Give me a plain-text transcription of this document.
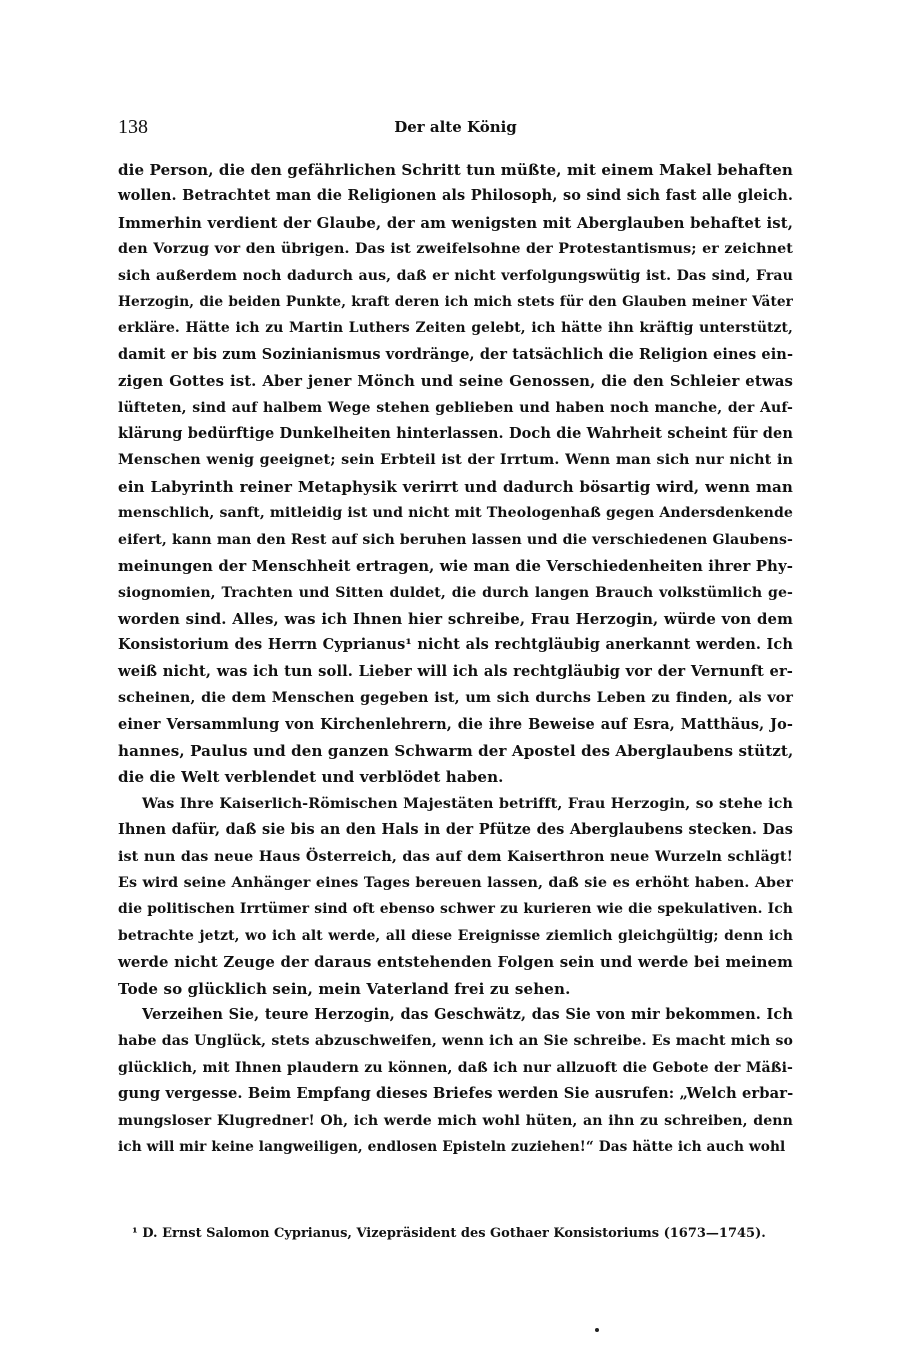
138	Der alte König

die Person, die den gefährlichen Schritt tun müßte, mit einem Makel behaften
wollen. Betrachtet man die Religionen als Philosoph, so sind sich fast alle gleich.
Immerhin verdient der Glaube, der am wenigsten mit Aberglauben behaftet ist,
den Vorzug vor den übrigen. Das ist zweifelsohne der Protestantismus; er zeichnet
sich außerdem noch dadurch aus, daß er nicht verfolgungswütig ist. Das sind, Frau
Herzogin, die beiden Punkte, kraft deren ich mich stets für den Glauben meiner Väter
erkläre. Hätte ich zu Martin Luthers Zeiten gelebt, ich hätte ihn kräftig unterstützt,
damit er bis zum Sozinianismus vordränge, der tatsächlich die Religion eines ein-
zigen Gottes ist. Aber jener Mönch und seine Genossen, die den Schleier etwas
lüfteten, sind auf halbem Wege stehen geblieben und haben noch manche, der Auf-
klärung bedürftige Dunkelheiten hinterlassen. Doch die Wahrheit scheint für den
Menschen wenig geeignet; sein Erbteil ist der Irrtum. Wenn man sich nur nicht in
ein Labyrinth reiner Metaphysik verirrt und dadurch bösartig wird, wenn man
menschlich, sanft, mitleidig ist und nicht mit Theologenhaß gegen Andersdenkende
eifert, kann man den Rest auf sich beruhen lassen und die verschiedenen Glaubens-
meinungen der Menschheit ertragen, wie man die Verschiedenheiten ihrer Phy-
siognomien, Trachten und Sitten duldet, die durch langen Brauch volkstümlich ge-
worden sind. Alles, was ich Ihnen hier schreibe, Frau Herzogin, würde von dem
Konsistorium des Herrn Cyprianus¹ nicht als rechtgläubig anerkannt werden. Ich
weiß nicht, was ich tun soll. Lieber will ich als rechtgläubig vor der Vernunft er-
scheinen, die dem Menschen gegeben ist, um sich durchs Leben zu finden, als vor
einer Versammlung von Kirchenlehrern, die ihre Beweise auf Esra, Matthäus, Jo-
hannes, Paulus und den ganzen Schwarm der Apostel des Aberglaubens stützt,
die die Welt verblendet und verblödet haben.

Was Ihre Kaiserlich-Römischen Majestäten betrifft, Frau Herzogin, so stehe ich
Ihnen dafür, daß sie bis an den Hals in der Pfütze des Aberglaubens stecken. Das
ist nun das neue Haus Österreich, das auf dem Kaiserthron neue Wurzeln schlägt!
Es wird seine Anhänger eines Tages bereuen lassen, daß sie es erhöht haben. Aber
die politischen Irrtümer sind oft ebenso schwer zu kurieren wie die spekulativen. Ich
betrachte jetzt, wo ich alt werde, all diese Ereignisse ziemlich gleichgültig; denn ich
werde nicht Zeuge der daraus entstehenden Folgen sein und werde bei meinem
Tode so glücklich sein, mein Vaterland frei zu sehen.

Verzeihen Sie, teure Herzogin, das Geschwätz, das Sie von mir bekommen. Ich
habe das Unglück, stets abzuschweifen, wenn ich an Sie schreibe. Es macht mich so
glücklich, mit Ihnen plaudern zu können, daß ich nur allzuoft die Gebote der Mäßi-
gung vergesse. Beim Empfang dieses Briefes werden Sie ausrufen: „Welch erbar-
mungsloser Klugredner! Oh, ich werde mich wohl hüten, an ihn zu schreiben, denn
ich will mir keine langweiligen, endlosen Episteln zuziehen!“ Das hätte ich auch wohl

¹ D. Ernst Salomon Cyprianus, Vizepräsident des Gothaer Konsistoriums (1673—1745).
